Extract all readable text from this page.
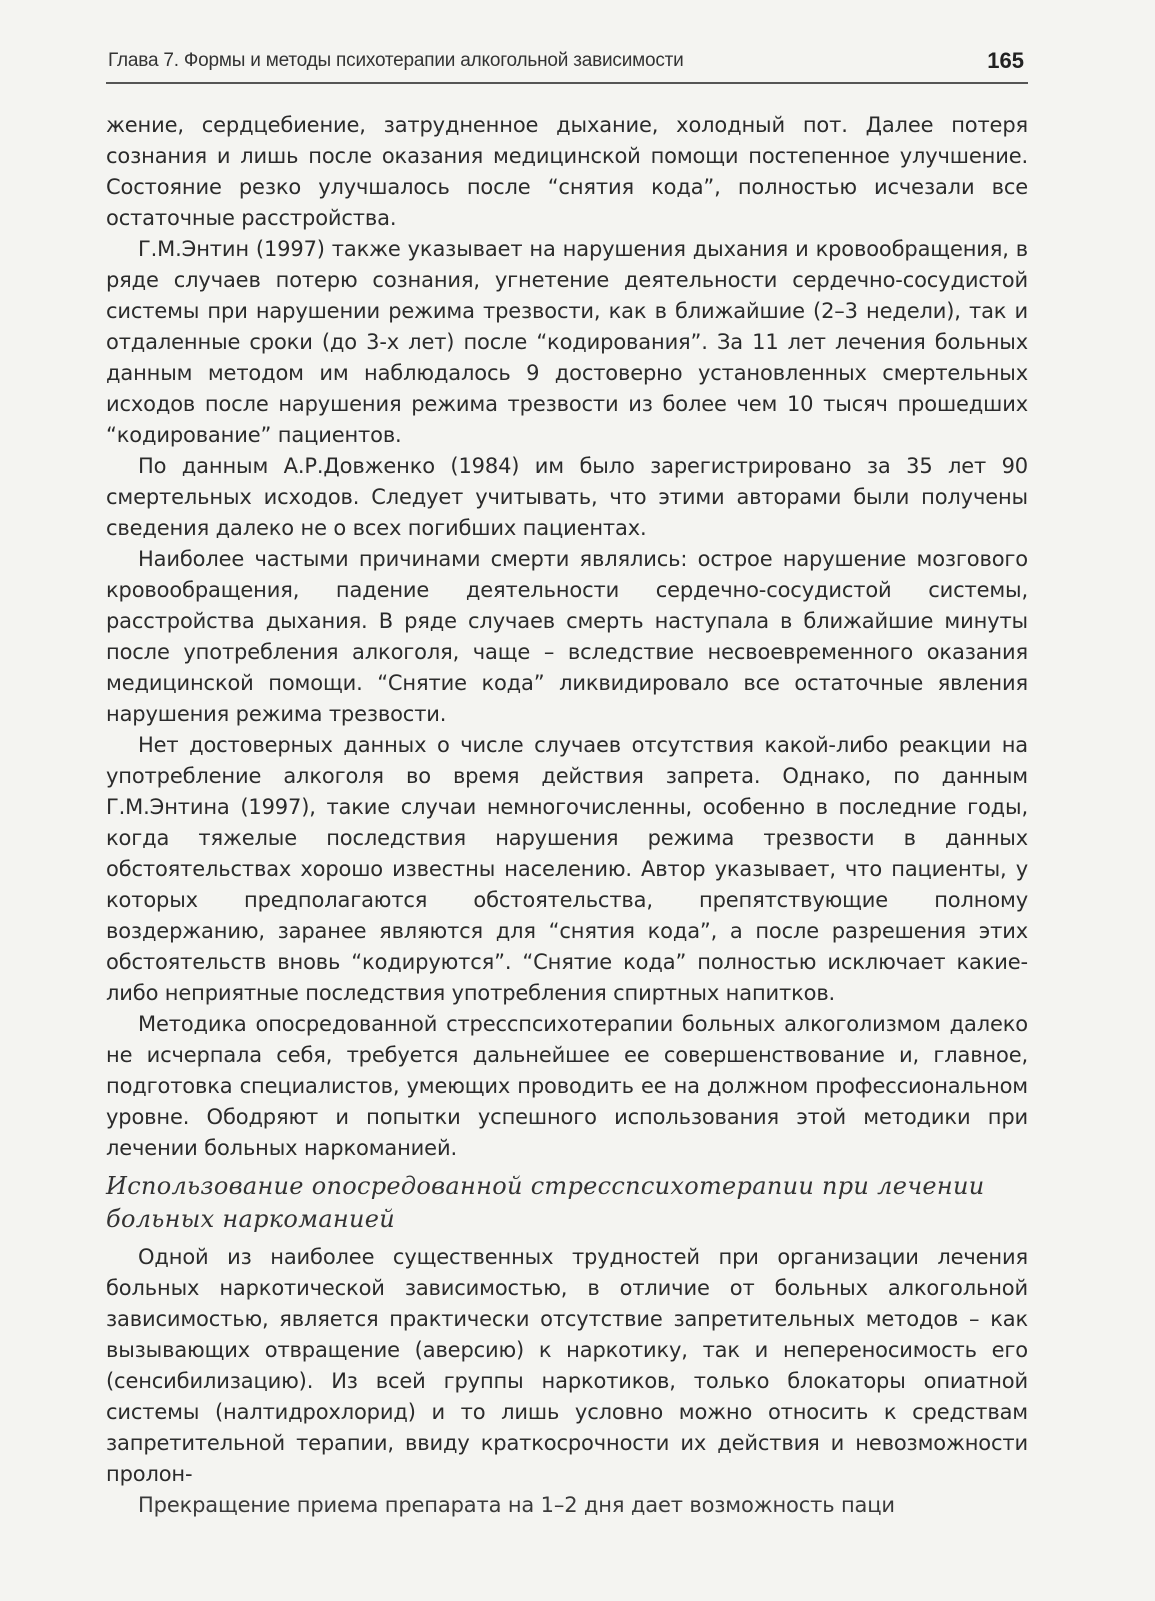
Глава 7. Формы и методы психотерапии алкогольной зависимости	165

жение, сердцебиение, затрудненное дыхание, холодный пот. Далее потеря сознания и лишь после оказания медицинской помощи постепенное улучшение. Состояние резко улучшалось после “снятия кода”, полностью исчезали все остаточные расстройства.

Г.М.Энтин (1997) также указывает на нарушения дыхания и кровообращения, в ряде случаев потерю сознания, угнетение деятельности сердечно-сосудистой системы при нарушении режима трезвости, как в ближайшие (2–3 недели), так и отдаленные сроки (до 3-х лет) после “кодирования”. За 11 лет лечения больных данным методом им наблюдалось 9 достоверно установленных смертельных исходов после нарушения режима трезвости из более чем 10 тысяч прошедших “кодирование” пациентов.

По данным А.Р.Довженко (1984) им было зарегистрировано за 35 лет 90 смертельных исходов. Следует учитывать, что этими авторами были получены сведения далеко не о всех погибших пациентах.

Наиболее частыми причинами смерти являлись: острое нарушение мозгового кровообращения, падение деятельности сердечно-сосудистой системы, расстройства дыхания. В ряде случаев смерть наступала в ближайшие минуты после употребления алкоголя, чаще – вследствие несвоевременного оказания медицинской помощи. “Снятие кода” ликвидировало все остаточные явления нарушения режима трезвости.

Нет достоверных данных о числе случаев отсутствия какой-либо реакции на употребление алкоголя во время действия запрета. Однако, по данным Г.М.Энтина (1997), такие случаи немногочисленны, особенно в последние годы, когда тяжелые последствия нарушения режима трезвости в данных обстоятельствах хорошо известны населению. Автор указывает, что пациенты, у которых предполагаются обстоятельства, препятствующие полному воздержанию, заранее являются для “снятия кода”, а после разрешения этих обстоятельств вновь “кодируются”. “Снятие кода” полностью исключает какие-либо неприятные последствия употребления спиртных напитков.

Методика опосредованной стресспсихотерапии больных алкоголизмом далеко не исчерпала себя, требуется дальнейшее ее совершенствование и, главное, подготовка специалистов, умеющих проводить ее на должном профессиональном уровне. Ободряют и попытки успешного использования этой методики при лечении больных наркоманией.

Использование опосредованной стресспсихотерапии при лечении больных наркоманией

Одной из наиболее существенных трудностей при организации лечения больных наркотической зависимостью, в отличие от больных алкогольной зависимостью, является практически отсутствие запретительных методов – как вызывающих отвращение (аверсию) к наркотику, так и непереносимость его (сенсибилизацию). Из всей группы наркотиков, только блокаторы опиатной системы (налтидрохлорид) и то лишь условно можно относить к средствам запретительной терапии, ввиду краткосрочности их действия и невозможности пролон-

Прекращение приема препарата на 1–2 дня дает возможность паци
